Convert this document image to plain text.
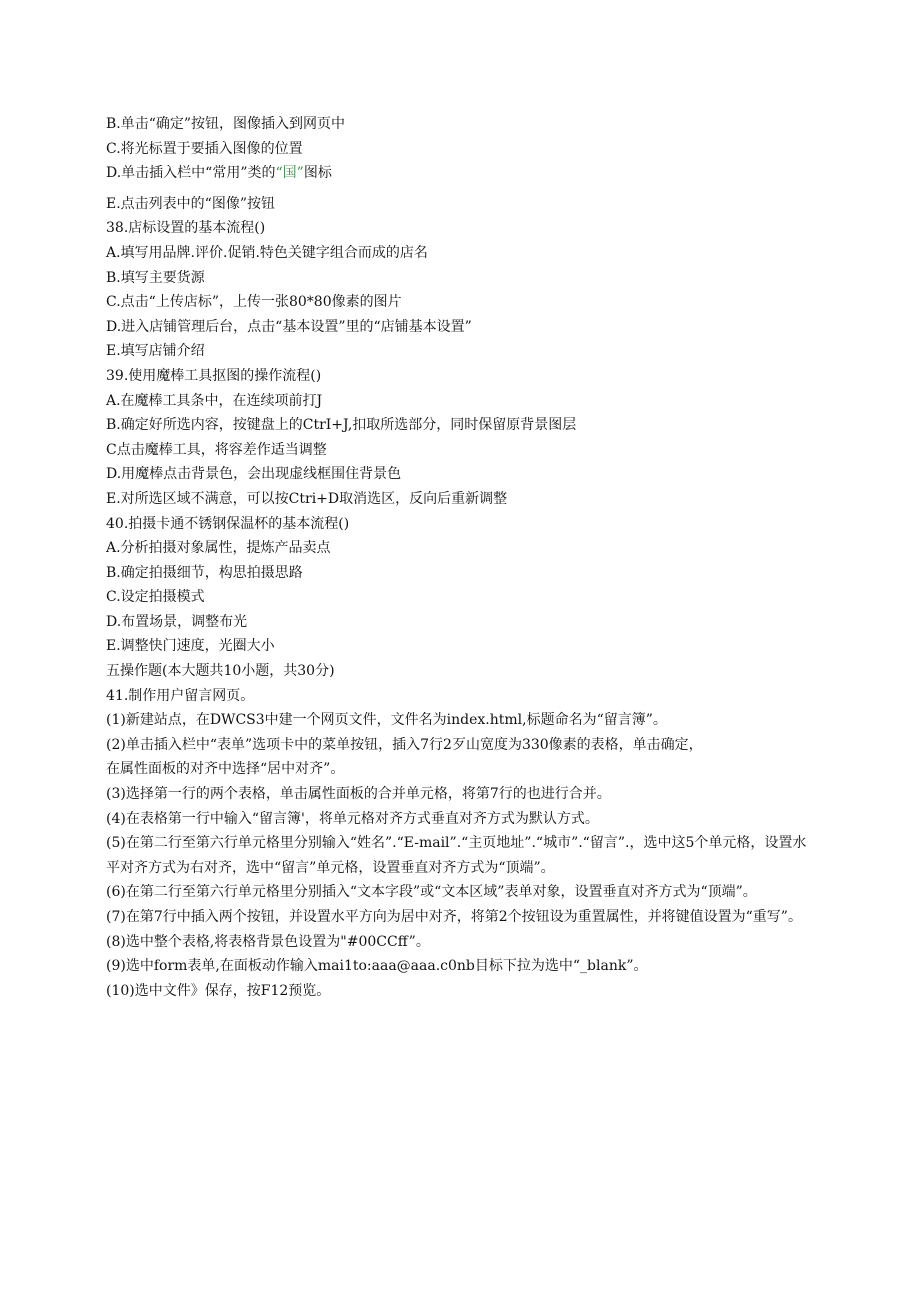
B.单击“确定”按钮，图像插入到网页中
C.将光标置于要插入图像的位置
D.单击插入栏中“常用”类的“国”图标
E.点击列表中的“图像”按钮
38.店标设置的基本流程()
A.填写用品牌.评价.促销.特色关键字组合而成的店名
B.填写主要货源
C.点击“上传店标”，上传一张80*80像素的图片
D.进入店铺管理后台，点击“基本设置”里的“店铺基本设置”
E.填写店铺介绍
39.使用魔棒工具抠图的操作流程()
A.在魔棒工具条中，在连续项前打J
B.确定好所选内容，按键盘上的CtrI+J,扣取所选部分，同时保留原背景图层
C点击魔棒工具，将容差作适当调整
D.用魔棒点击背景色，会出现虚线框围住背景色
E.对所选区域不满意，可以按Ctri+D取消选区，反向后重新调整
40.拍摄卡通不锈钢保温杯的基本流程()
A.分析拍摄对象属性，提炼产品卖点
B.确定拍摄细节，构思拍摄思路
C.设定拍摄模式
D.布置场景，调整布光
E.调整快门速度，光圈大小
五操作题(本大题共10小题，共30分)
41.制作用户留言网页。
(1)新建站点，在DWCS3中建一个网页文件，文件名为index.html,标题命名为“留言簿”。
(2)单击插入栏中“表单”选项卡中的菜单按钮，插入7行2歹山宽度为330像素的表格，单击确定，
在属性面板的对齐中选择“居中对齐”。
(3)选择第一行的两个表格，单击属性面板的合并单元格，将第7行的也进行合并。
(4)在表格第一行中输入“留言簿'，将单元格对齐方式垂直对齐方式为默认方式。
(5)在第二行至第六行单元格里分别输入“姓名”.“E-mail”.“主页地址”.“城市”.“留言”.，选中这5个单元格，设置水平对齐方式为右对齐，选中“留言”单元格，设置垂直对齐方式为“顶端”。
(6)在第二行至第六行单元格里分别插入“文本字段”或“文本区域”表单对象，设置垂直对齐方式为“顶端”。
(7)在第7行中插入两个按钮，并设置水平方向为居中对齐，将第2个按钮设为重置属性，并将键值设置为“重写”。
(8)选中整个表格,将表格背景色设置为"#00CCff”。
(9)选中form表单,在面板动作输入mai1to:aaa@aaa.c0nb目标下拉为选中“_blank”。
(10)选中文件》保存，按F12预览。
